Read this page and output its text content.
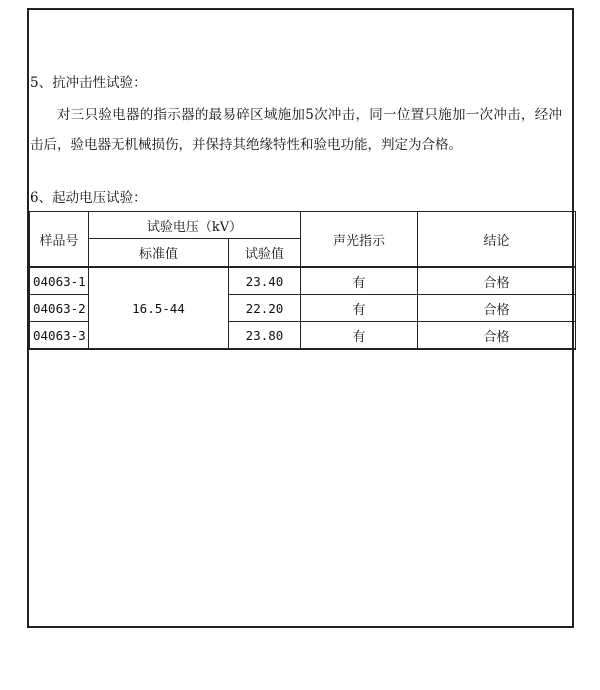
5、抗冲击性试验：
对三只验电器的指示器的最易碎区域施加5次冲击，同一位置只施加一次冲击，经冲击后，验电器无机械损伤，并保持其绝缘特性和验电功能，判定为合格。
6、起动电压试验：
样品号	试验电压（kV）		声光指示	结论
	标准值	试验值		
04063-1	16.5-44	23.40	有	合格
04063-2		22.20	有	合格
04063-3		23.80	有	合格
